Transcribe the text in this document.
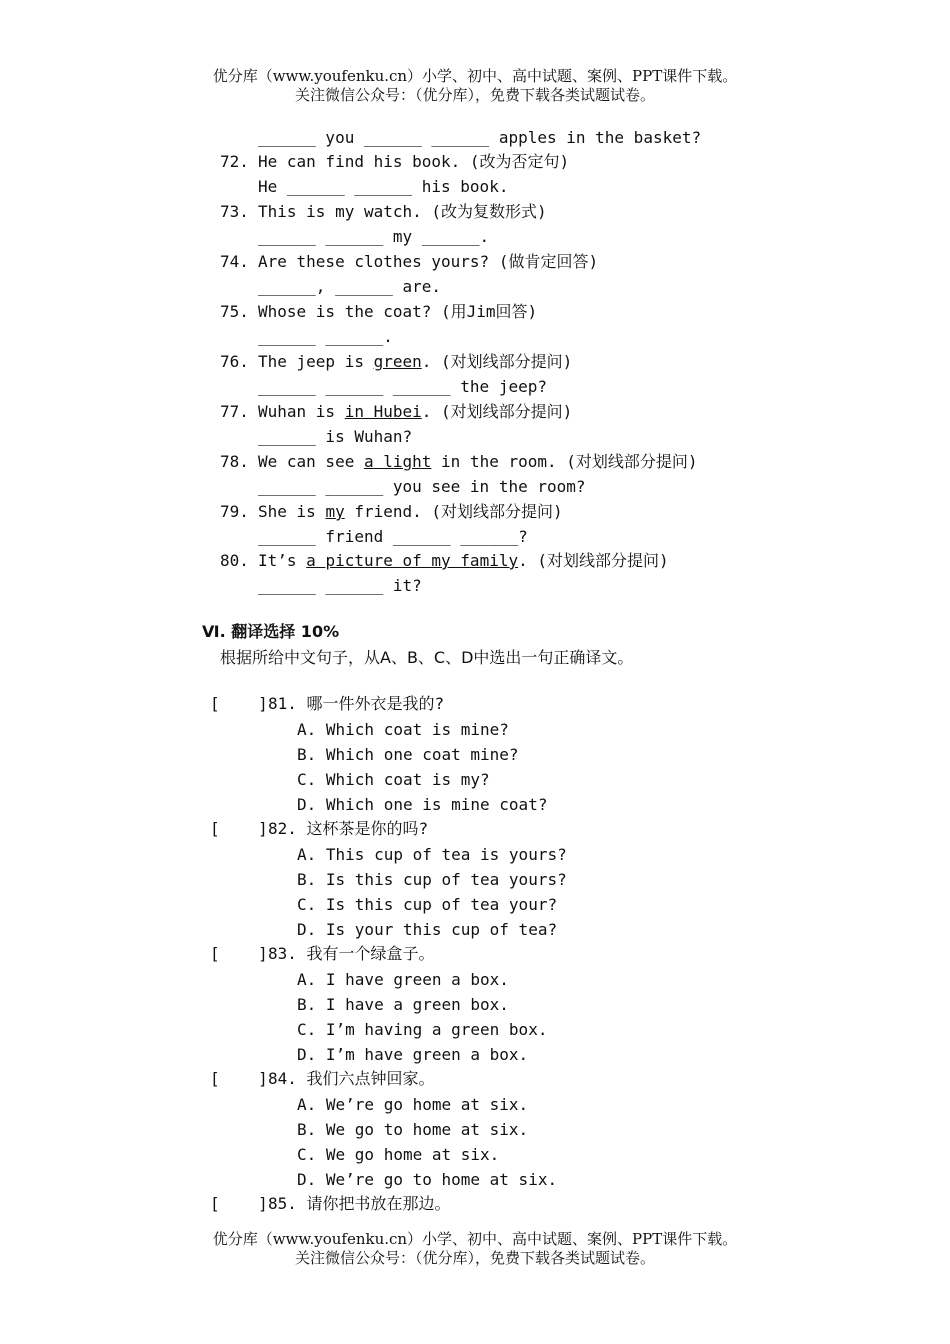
优分库（www.youfenku.cn）小学、初中、高中试题、案例、PPT课件下载。
关注微信公众号：（优分库），免费下载各类试题试卷。
______ you ______ ______ apples in the basket?
72. He can find his book. (改为否定句)
He ______ ______ his book.
73. This is my watch. (改为复数形式)
______ ______ my ______.
74. Are these clothes yours? (做肯定回答)
______, ______ are.
75. Whose is the coat? (用Jim回答)
______ ______.
76. The jeep is green. (对划线部分提问)
______ ______ ______ the jeep?
77. Wuhan is in Hubei. (对划线部分提问)
______ is Wuhan?
78. We can see a light in the room. (对划线部分提问)
______ ______ you see in the room?
79. She is my friend. (对划线部分提问)
______ friend ______ ______?
80. It’s a picture of my family. (对划线部分提问)
______ ______ it?
Ⅵ. 翻译选择 10%
根据所给中文句子，从A、B、C、D中选出一句正确译文。
[    ] 81. 哪一件外衣是我的?
A. Which coat is mine?
B. Which one coat mine?
C. Which coat is my?
D. Which one is mine coat?
[    ] 82. 这杯茶是你的吗?
A. This cup of tea is yours?
B. Is this cup of tea yours?
C. Is this cup of tea your?
D. Is your this cup of tea?
[    ] 83. 我有一个绿盒子。
A. I have green a box.
B. I have a green box.
C. I’m having a green box.
D. I’m have green a box.
[    ] 84. 我们六点钟回家。
A. We’re go home at six.
B. We go to home at six.
C. We go home at six.
D. We’re go to home at six.
[    ] 85. 请你把书放在那边。
优分库（www.youfenku.cn）小学、初中、高中试题、案例、PPT课件下载。
关注微信公众号：（优分库），免费下载各类试题试卷。
